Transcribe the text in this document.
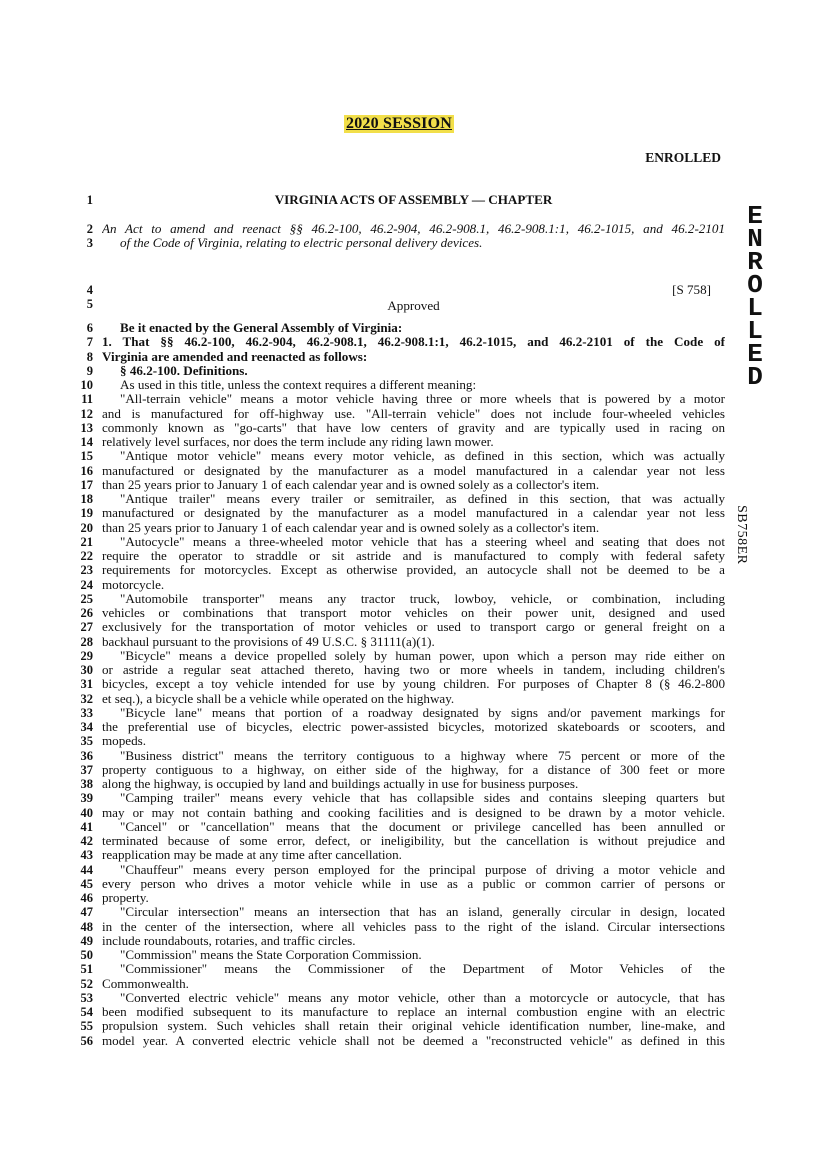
2020 SESSION
ENROLLED
ENROLLED
SB758ER
1	VIRGINIA ACTS OF ASSEMBLY — CHAPTER
2 An Act to amend and reenact §§ 46.2-100, 46.2-904, 46.2-908.1, 46.2-908.1:1, 46.2-1015, and 46.2-2101
3	of the Code of Virginia, relating to electric personal delivery devices.
4	[S 758]
5	Approved
6	Be it enacted by the General Assembly of Virginia:
7 1. That §§ 46.2-100, 46.2-904, 46.2-908.1, 46.2-908.1:1, 46.2-1015, and 46.2-2101 of the Code of
8 Virginia are amended and reenacted as follows:
9	§ 46.2-100. Definitions.
10	As used in this title, unless the context requires a different meaning:
11	"All-terrain vehicle" means a motor vehicle having three or more wheels that is powered by a motor
12 and is manufactured for off-highway use. "All-terrain vehicle" does not include four-wheeled vehicles
13 commonly known as "go-carts" that have low centers of gravity and are typically used in racing on
14 relatively level surfaces, nor does the term include any riding lawn mower.
15	"Antique motor vehicle" means every motor vehicle, as defined in this section, which was actually
16 manufactured or designated by the manufacturer as a model manufactured in a calendar year not less
17 than 25 years prior to January 1 of each calendar year and is owned solely as a collector's item.
18	"Antique trailer" means every trailer or semitrailer, as defined in this section, that was actually
19 manufactured or designated by the manufacturer as a model manufactured in a calendar year not less
20 than 25 years prior to January 1 of each calendar year and is owned solely as a collector's item.
21	"Autocycle" means a three-wheeled motor vehicle that has a steering wheel and seating that does not
22 require the operator to straddle or sit astride and is manufactured to comply with federal safety
23 requirements for motorcycles. Except as otherwise provided, an autocycle shall not be deemed to be a
24 motorcycle.
25	"Automobile transporter" means any tractor truck, lowboy, vehicle, or combination, including
26 vehicles or combinations that transport motor vehicles on their power unit, designed and used
27 exclusively for the transportation of motor vehicles or used to transport cargo or general freight on a
28 backhaul pursuant to the provisions of 49 U.S.C. § 31111(a)(1).
29	"Bicycle" means a device propelled solely by human power, upon which a person may ride either on
30 or astride a regular seat attached thereto, having two or more wheels in tandem, including children's
31 bicycles, except a toy vehicle intended for use by young children. For purposes of Chapter 8 (§ 46.2-800
32 et seq.), a bicycle shall be a vehicle while operated on the highway.
33	"Bicycle lane" means that portion of a roadway designated by signs and/or pavement markings for
34 the preferential use of bicycles, electric power-assisted bicycles, motorized skateboards or scooters, and
35 mopeds.
36	"Business district" means the territory contiguous to a highway where 75 percent or more of the
37 property contiguous to a highway, on either side of the highway, for a distance of 300 feet or more
38 along the highway, is occupied by land and buildings actually in use for business purposes.
39	"Camping trailer" means every vehicle that has collapsible sides and contains sleeping quarters but
40 may or may not contain bathing and cooking facilities and is designed to be drawn by a motor vehicle.
41	"Cancel" or "cancellation" means that the document or privilege cancelled has been annulled or
42 terminated because of some error, defect, or ineligibility, but the cancellation is without prejudice and
43 reapplication may be made at any time after cancellation.
44	"Chauffeur" means every person employed for the principal purpose of driving a motor vehicle and
45 every person who drives a motor vehicle while in use as a public or common carrier of persons or
46 property.
47	"Circular intersection" means an intersection that has an island, generally circular in design, located
48 in the center of the intersection, where all vehicles pass to the right of the island. Circular intersections
49 include roundabouts, rotaries, and traffic circles.
50	"Commission" means the State Corporation Commission.
51	"Commissioner" means the Commissioner of the Department of Motor Vehicles of the
52 Commonwealth.
53	"Converted electric vehicle" means any motor vehicle, other than a motorcycle or autocycle, that has
54 been modified subsequent to its manufacture to replace an internal combustion engine with an electric
55 propulsion system. Such vehicles shall retain their original vehicle identification number, line-make, and
56 model year. A converted electric vehicle shall not be deemed a "reconstructed vehicle" as defined in this
